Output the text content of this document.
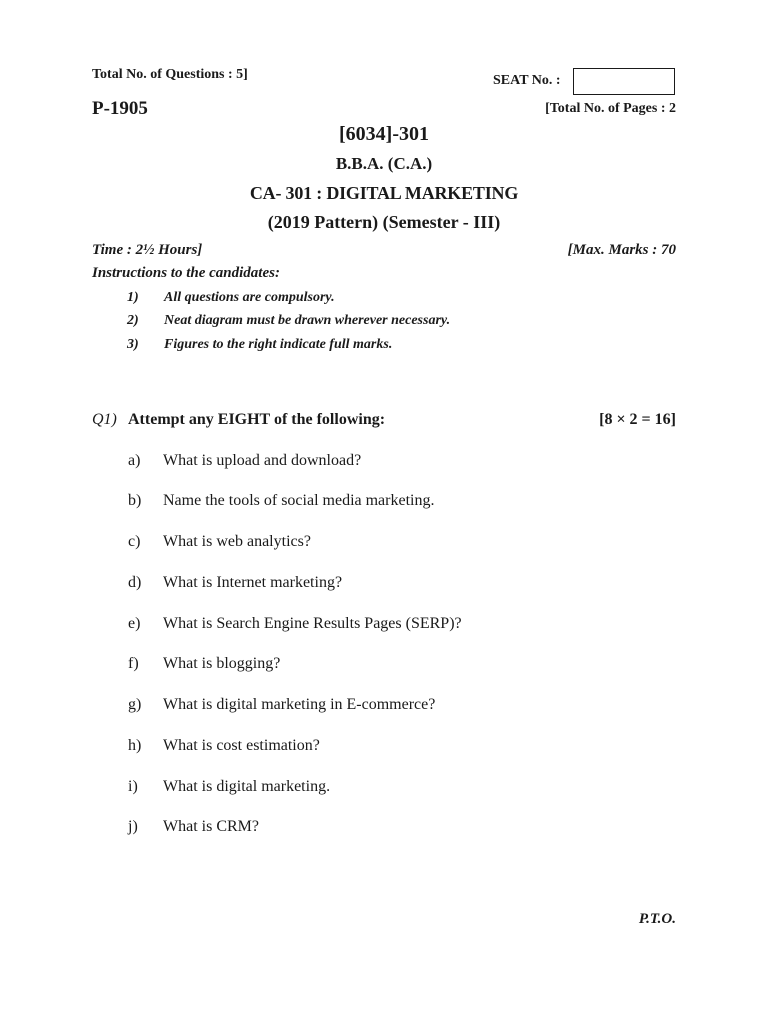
Total No. of Questions : 5]	SEAT No. :
P-1905	[Total No. of Pages : 2
[6034]-301
B.B.A. (C.A.)
CA- 301 : DIGITAL MARKETING
(2019 Pattern) (Semester - III)
Time : 2½ Hours]	[Max. Marks : 70
Instructions to the candidates:
1) All questions are compulsory.
2) Neat diagram must be drawn wherever necessary.
3) Figures to the right indicate full marks.
Q1) Attempt any EIGHT of the following:	[8 × 2 = 16]
a) What is upload and download?
b) Name the tools of social media marketing.
c) What is web analytics?
d) What is Internet marketing?
e) What is Search Engine Results Pages (SERP)?
f) What is blogging?
g) What is digital marketing in E-commerce?
h) What is cost estimation?
i) What is digital marketing.
j) What is CRM?
P.T.O.
